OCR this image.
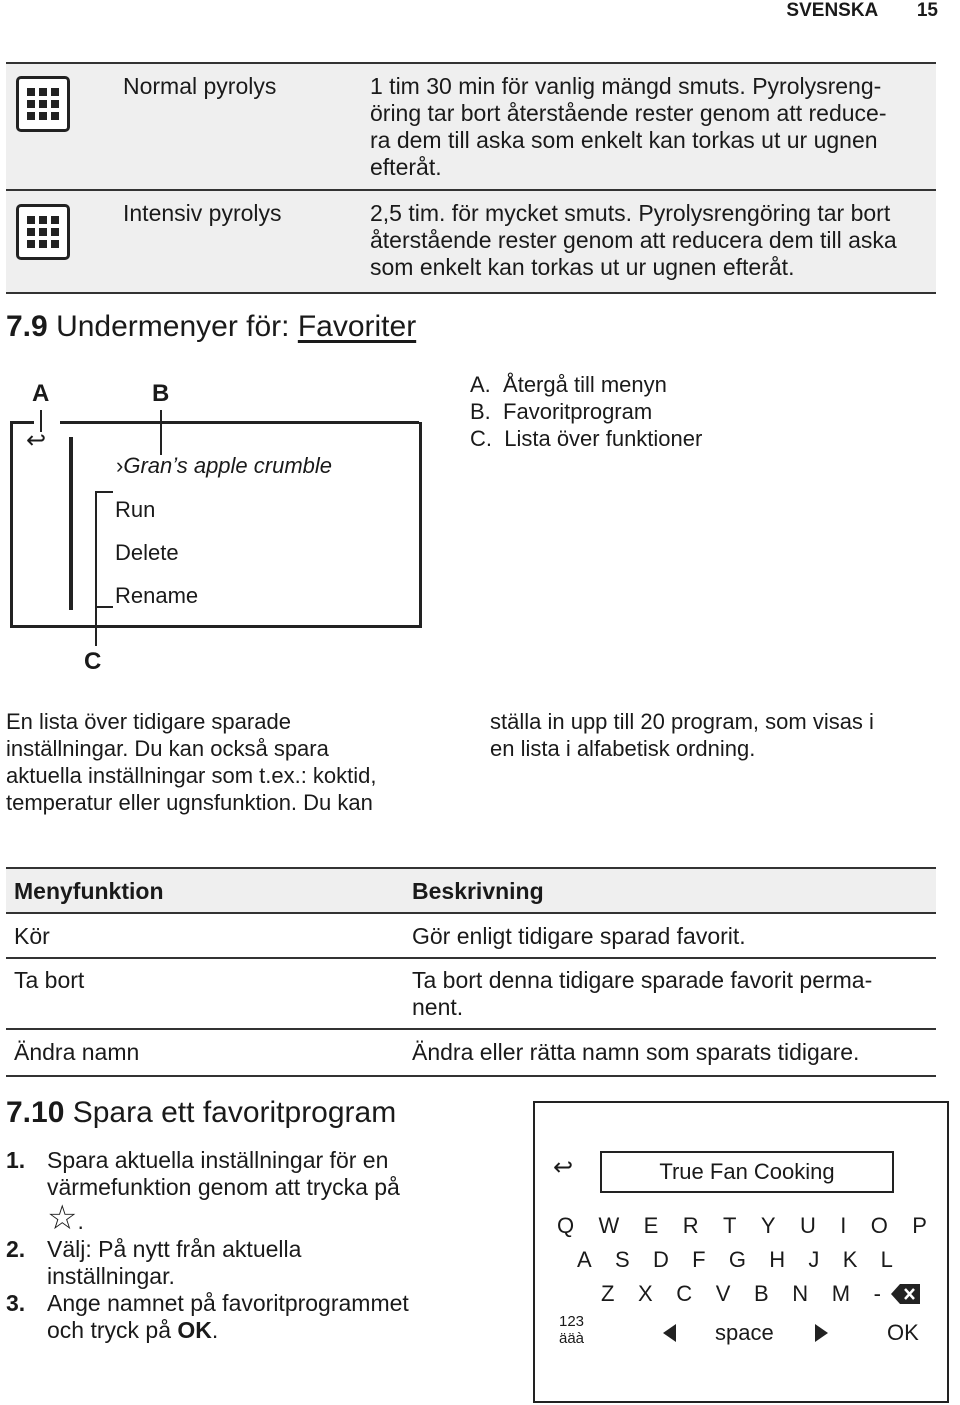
SVENSKA 15
Normal pyrolys	1 tim 30 min för vanlig mängd smuts. Pyrolysreng-
öring tar bort återstående rester genom att reduce-
ra dem till aska som enkelt kan torkas ut ur ugnen
efteråt.
Intensiv pyrolys	2,5 tim. för mycket smuts. Pyrolysrengöring tar bort
återstående rester genom att reducera dem till aska
som enkelt kan torkas ut ur ugnen efteråt.
7.9 Undermenyer för: Favoriter
A	B
↩
›Gran’s apple crumble
Run
Delete
Rename
C
A. Återgå till menyn
B. Favoritprogram
C. Lista över funktioner
En lista över tidigare sparade
inställningar. Du kan också spara
aktuella inställningar som t.ex.: koktid,
temperatur eller ugnsfunktion. Du kan
ställa in upp till 20 program, som visas i
en lista i alfabetisk ordning.
Menyfunktion	Beskrivning
Kör	Gör enligt tidigare sparad favorit.
Ta bort	Ta bort denna tidigare sparade favorit perma-
nent.

Ändra namn	Ändra eller rätta namn som sparats tidigare.
7.10 Spara ett favoritprogram
1. Spara aktuella inställningar för en
värmefunktion genom att trycka på
☆.
2. Välj: På nytt från aktuella
inställningar.
3. Ange namnet på favoritprogrammet
och tryck på OK.
↩	True Fan Cooking
Q W E R T Y U I O P
A S D F G H J K L
Z X C V B N M -
123
ääà	space	OK
